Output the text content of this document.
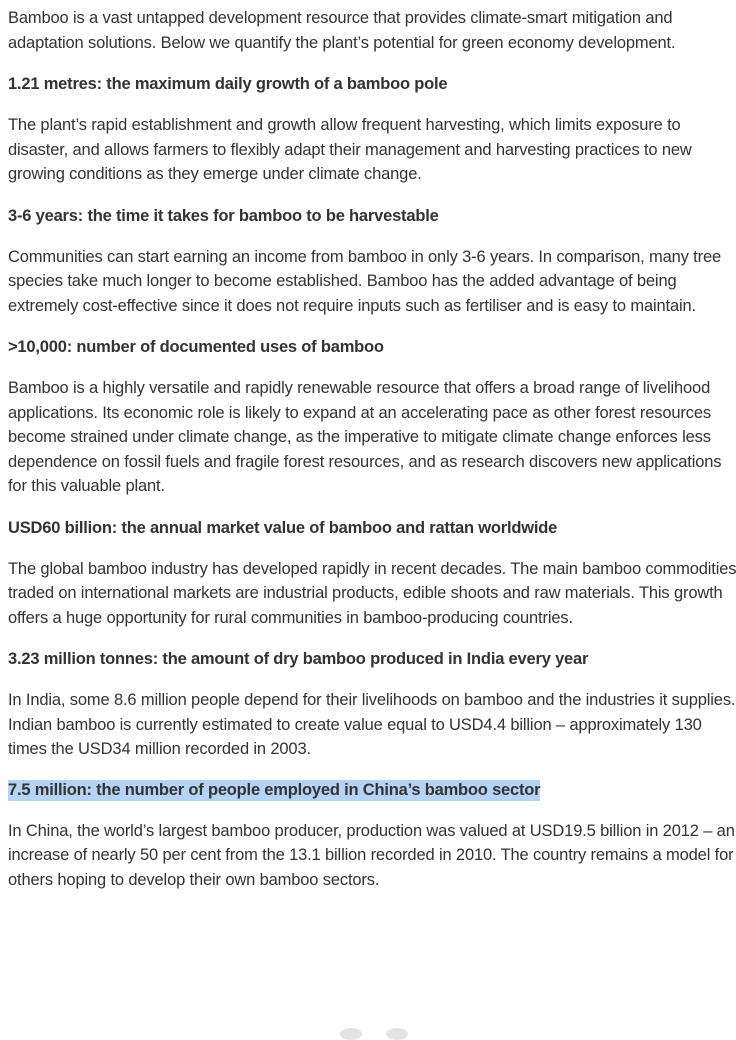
Bamboo is a vast untapped development resource that provides climate-smart mitigation and adaptation solutions. Below we quantify the plant’s potential for green economy development.

1.21 metres: the maximum daily growth of a bamboo pole

The plant’s rapid establishment and growth allow frequent harvesting, which limits exposure to disaster, and allows farmers to flexibly adapt their management and harvesting practices to new growing conditions as they emerge under climate change.

3-6 years: the time it takes for bamboo to be harvestable

Communities can start earning an income from bamboo in only 3-6 years. In comparison, many tree species take much longer to become established. Bamboo has the added advantage of being extremely cost-effective since it does not require inputs such as fertiliser and is easy to maintain.

>10,000: number of documented uses of bamboo

Bamboo is a highly versatile and rapidly renewable resource that offers a broad range of livelihood applications. Its economic role is likely to expand at an accelerating pace as other forest resources become strained under climate change, as the imperative to mitigate climate change enforces less dependence on fossil fuels and fragile forest resources, and as research discovers new applications for this valuable plant.

USD60 billion: the annual market value of bamboo and rattan worldwide

The global bamboo industry has developed rapidly in recent decades. The main bamboo commodities traded on international markets are industrial products, edible shoots and raw materials. This growth offers a huge opportunity for rural communities in bamboo-producing countries.

3.23 million tonnes: the amount of dry bamboo produced in India every year

In India, some 8.6 million people depend for their livelihoods on bamboo and the industries it supplies. Indian bamboo is currently estimated to create value equal to USD4.4 billion – approximately 130 times the USD34 million recorded in 2003.

7.5 million: the number of people employed in China’s bamboo sector

In China, the world’s largest bamboo producer, production was valued at USD19.5 billion in 2012 – an increase of nearly 50 per cent from the 13.1 billion recorded in 2010. The country remains a model for others hoping to develop their own bamboo sectors.
